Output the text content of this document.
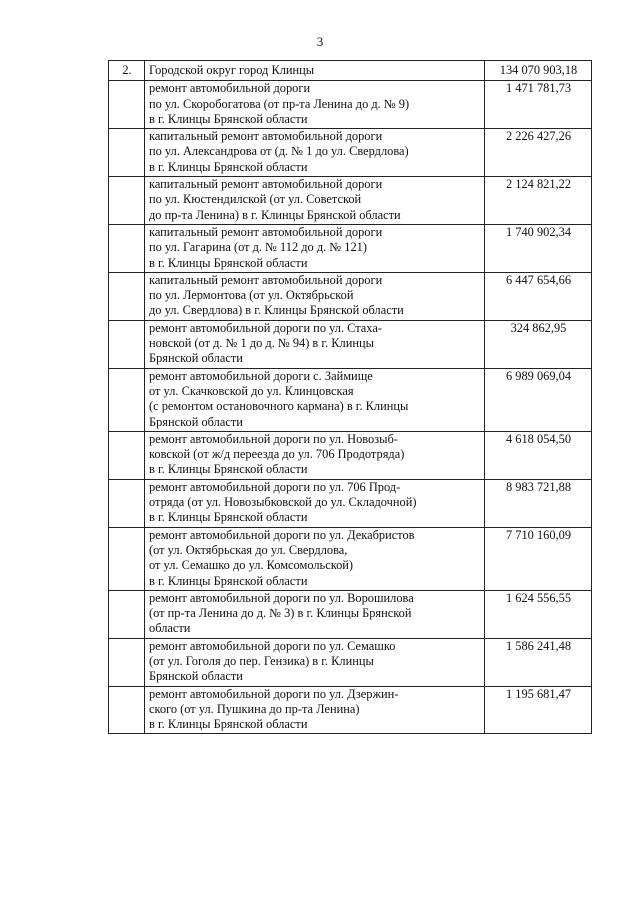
3
2.	Городской округ город Клинцы	134 070 903,18

	ремонт автомобильной дороги
по ул. Скоробогатова (от пр-та Ленина до д. № 9)
в г. Клинцы Брянской области	1 471 781,73

	капитальный ремонт автомобильной дороги
по ул. Александрова от (д. № 1 до ул. Свердлова)
в г. Клинцы Брянской области	2 226 427,26

	капитальный ремонт автомобильной дороги
по ул. Кюстендилской (от ул. Советской
до пр-та Ленина) в г. Клинцы Брянской области	2 124 821,22

	капитальный ремонт автомобильной дороги
по ул. Гагарина (от д. № 112 до д. № 121)
в г. Клинцы Брянской области	1 740 902,34

	капитальный ремонт автомобильной дороги
по ул. Лермонтова (от ул. Октябрьской
до ул. Свердлова) в г. Клинцы Брянской области	6 447 654,66

	ремонт автомобильной дороги по ул. Стаха-
новской (от д. № 1 до д. № 94) в г. Клинцы
Брянской области	324 862,95

	ремонт автомобильной дороги с. Займище
от ул. Скачковской до ул. Клинцовская
(с ремонтом остановочного кармана) в г. Клинцы
Брянской области	6 989 069,04

	ремонт автомобильной дороги по ул. Новозыб-
ковской (от ж/д переезда до ул. 706 Продотряда)
в г. Клинцы Брянской области	4 618 054,50

	ремонт автомобильной дороги по ул. 706 Прод-
отряда (от ул. Новозыбковской до ул. Складочной)
в г. Клинцы Брянской области	8 983 721,88

	ремонт автомобильной дороги по ул. Декабристов
(от ул. Октябрьская до ул. Свердлова,
от ул. Семашко до ул. Комсомольской)
в г. Клинцы Брянской области	7 710 160,09

	ремонт автомобильной дороги по ул. Ворошилова
(от пр-та Ленина до д. № 3) в г. Клинцы Брянской
области	1 624 556,55

	ремонт автомобильной дороги по ул. Семашко
(от ул. Гоголя до пер. Гензика) в г. Клинцы
Брянской области	1 586 241,48

	ремонт автомобильной дороги по ул. Дзержин-
ского (от ул. Пушкина до пр-та Ленина)
в г. Клинцы Брянской области	1 195 681,47
